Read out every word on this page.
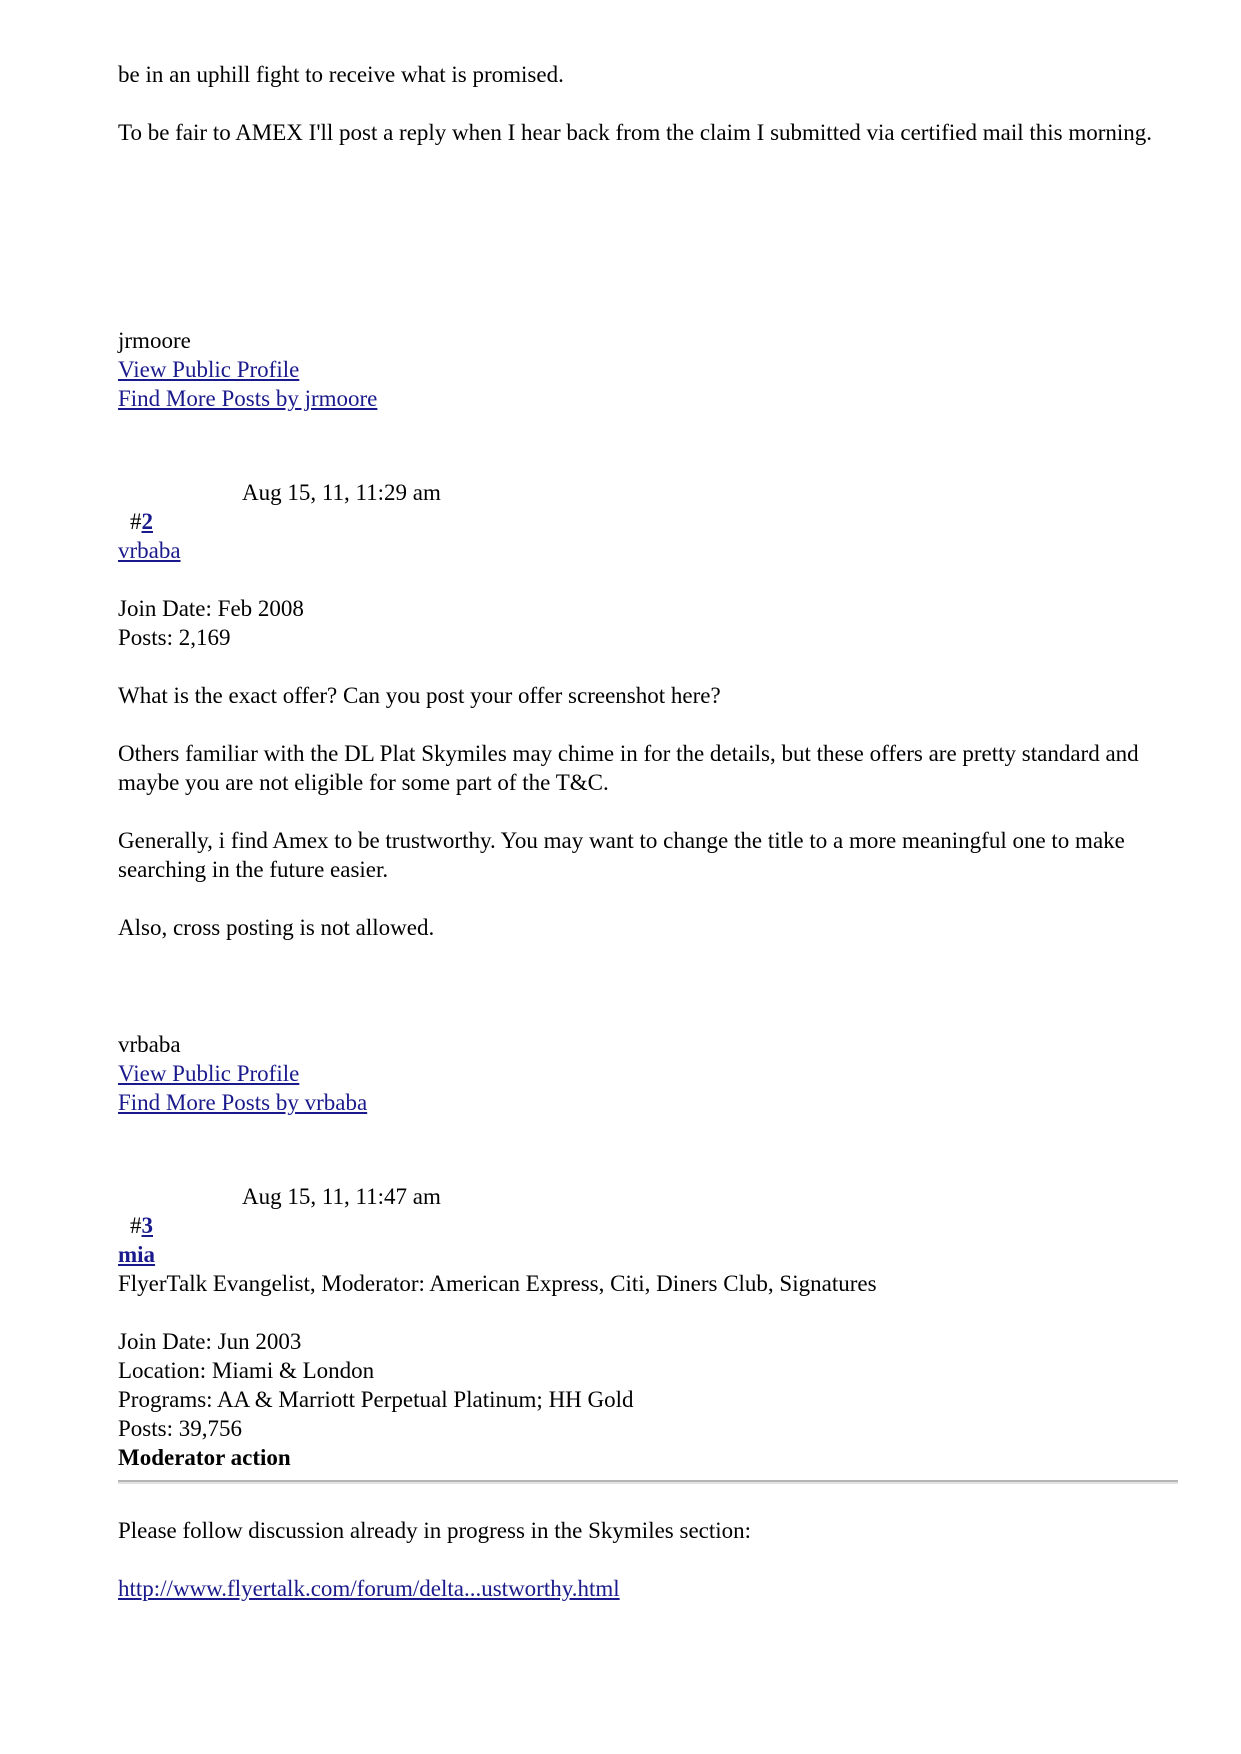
be in an uphill fight to receive what is promised.
To be fair to AMEX I'll post a reply when I hear back from the claim I submitted via certified mail this morning.
jrmoore
View Public Profile
Find More Posts by jrmoore
Aug 15, 11, 11:29 am
#2
vrbaba
Join Date: Feb 2008
Posts: 2,169
What is the exact offer? Can you post your offer screenshot here?
Others familiar with the DL Plat Skymiles may chime in for the details, but these offers are pretty standard and maybe you are not eligible for some part of the T&C.
Generally, i find Amex to be trustworthy. You may want to change the title to a more meaningful one to make searching in the future easier.
Also, cross posting is not allowed.
vrbaba
View Public Profile
Find More Posts by vrbaba
Aug 15, 11, 11:47 am
#3
mia
FlyerTalk Evangelist, Moderator: American Express, Citi, Diners Club, Signatures
Join Date: Jun 2003
Location: Miami & London
Programs: AA & Marriott Perpetual Platinum; HH Gold
Posts: 39,756
Moderator action
Please follow discussion already in progress in the Skymiles section:
http://www.flyertalk.com/forum/delta...ustworthy.html
